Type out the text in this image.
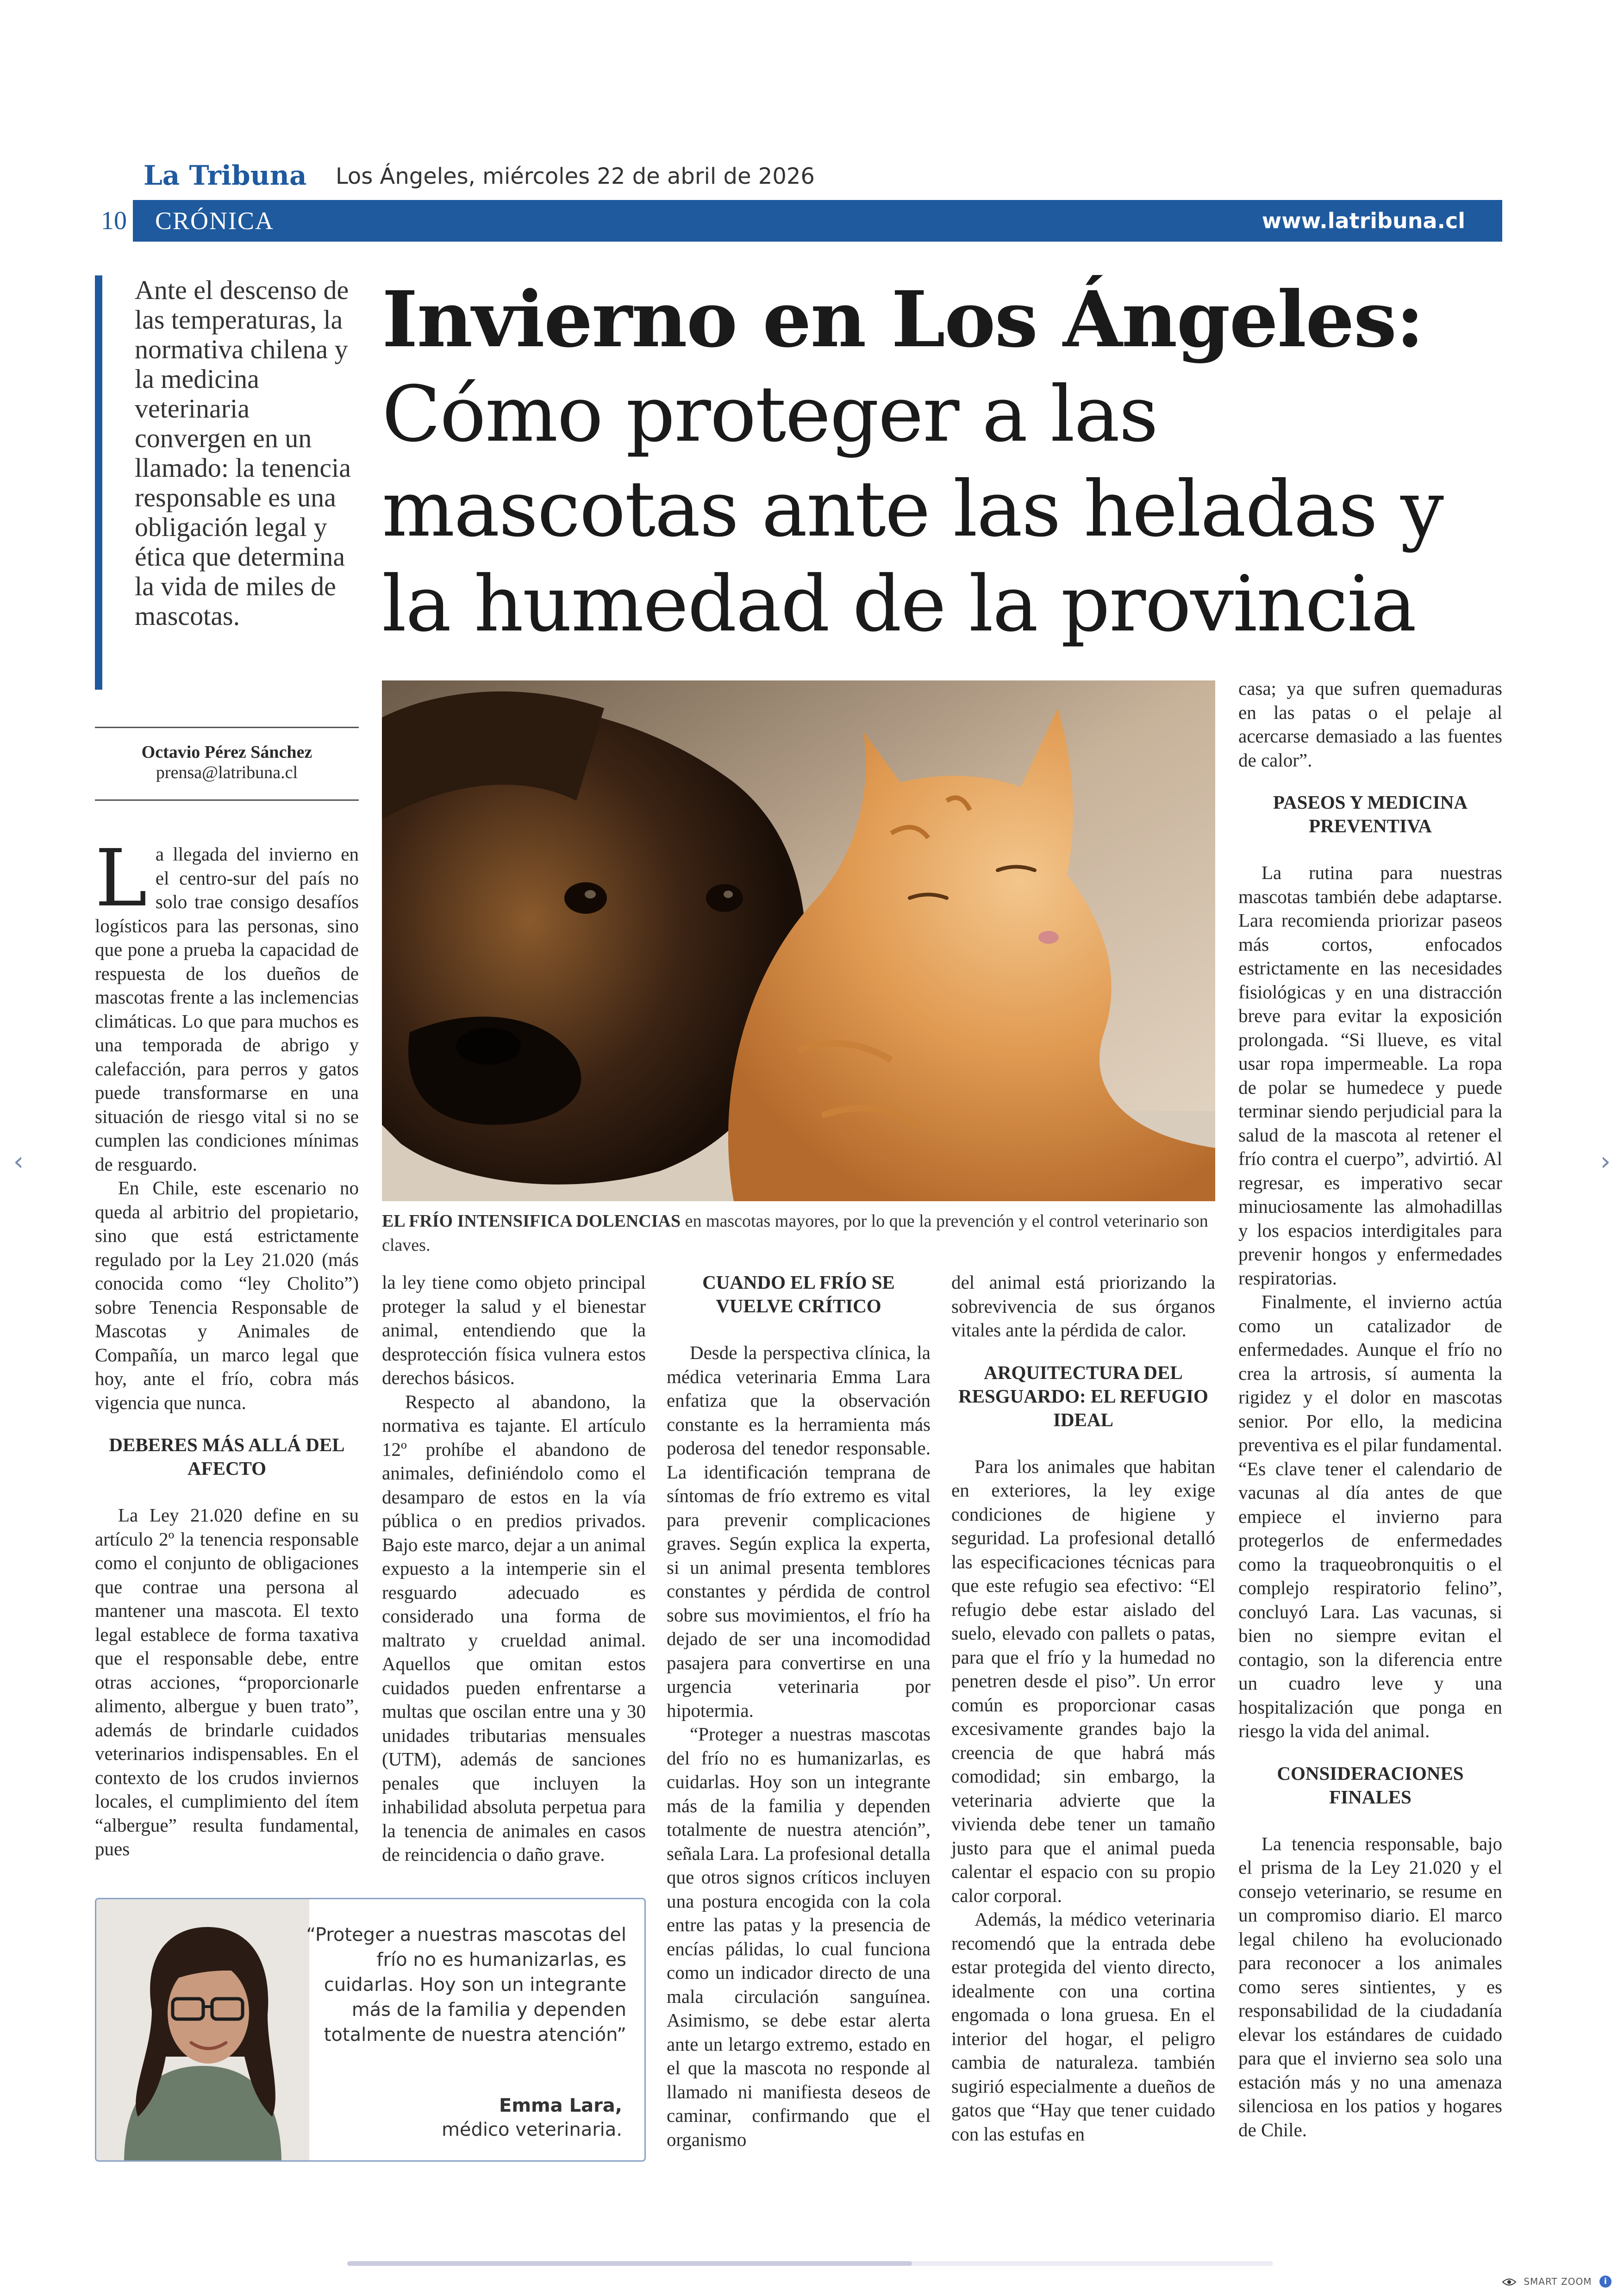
La Tribuna Los Ángeles, miércoles 22 de abril de 2026
10	CRÓNICA	www.latribuna.cl
Ante el descenso de las temperaturas, la normativa chilena y la medicina veterinaria convergen en un llamado: la tenencia responsable es una obligación legal y ética que determina la vida de miles de mascotas.
Invierno en Los Ángeles:
Cómo proteger a las mascotas ante las heladas y la humedad de la provincia
Octavio Pérez Sánchez
prensa@latribuna.cl
EL FRÍO INTENSIFICA DOLENCIAS en mascotas mayores, por lo que la prevención y el control veterinario son claves.

La llegada del invierno en el centro-sur del país no solo trae consigo desafíos logísticos para las personas, sino que pone a prueba la capacidad de respuesta de los dueños de mascotas frente a las inclemencias climáticas. Lo que para muchos es una temporada de abrigo y calefacción, para perros y gatos puede transformarse en una situación de riesgo vital si no se cumplen las condiciones mínimas de resguardo.

En Chile, este escenario no queda al arbitrio del propietario, sino que está estrictamente regulado por la Ley 21.020 (más conocida como “ley Cholito”) sobre Tenencia Responsable de Mascotas y Animales de Compañía, un marco legal que hoy, ante el frío, cobra más vigencia que nunca.

DEBERES MÁS ALLÁ DEL AFECTO

La Ley 21.020 define en su artículo 2º la tenencia responsable como el conjunto de obligaciones que contrae una persona al mantener una mascota. El texto legal establece de forma taxativa que el responsable debe, entre otras acciones, “proporcionarle alimento, albergue y buen trato”, además de brindarle cuidados veterinarios indispensables. En el contexto de los crudos inviernos locales, el cumplimiento del ítem “albergue” resulta fundamental, pues

la ley tiene como objeto principal proteger la salud y el bienestar animal, entendiendo que la desprotección física vulnera estos derechos básicos.

Respecto al abandono, la normativa es tajante. El artículo 12º prohíbe el abandono de animales, definiéndolo como el desamparo de estos en la vía pública o en predios privados. Bajo este marco, dejar a un animal expuesto a la intemperie sin el resguardo adecuado es considerado una forma de maltrato y crueldad animal. Aquellos que omitan estos cuidados pueden enfrentarse a multas que oscilan entre una y 30 unidades tributarias mensuales (UTM), además de sanciones penales que incluyen la inhabilidad absoluta perpetua para la tenencia de animales en casos de reincidencia o daño grave.

CUANDO EL FRÍO SE VUELVE CRÍTICO

Desde la perspectiva clínica, la médica veterinaria Emma Lara enfatiza que la observación constante es la herramienta más poderosa del tenedor responsable. La identificación temprana de síntomas de frío extremo es vital para prevenir complicaciones graves. Según explica la experta, si un animal presenta temblores constantes y pérdida de control sobre sus movimientos, el frío ha dejado de ser una incomodidad pasajera para convertirse en una urgencia veterinaria por hipotermia.

“Proteger a nuestras mascotas del frío no es humanizarlas, es cuidarlas. Hoy son un integrante más de la familia y dependen totalmente de nuestra atención”, señala Lara. La profesional detalla que otros signos críticos incluyen una postura encogida con la cola entre las patas y la presencia de encías pálidas, lo cual funciona como un indicador directo de una mala circulación sanguínea. Asimismo, se debe estar alerta ante un letargo extremo, estado en el que la mascota no responde al llamado ni manifiesta deseos de caminar, confirmando que el organismo

del animal está priorizando la sobrevivencia de sus órganos vitales ante la pérdida de calor.

ARQUITECTURA DEL RESGUARDO: EL REFUGIO IDEAL

Para los animales que habitan en exteriores, la ley exige condiciones de higiene y seguridad. La profesional detalló las especificaciones técnicas para que este refugio sea efectivo: “El refugio debe estar aislado del suelo, elevado con pallets o patas, para que el frío y la humedad no penetren desde el piso”. Un error común es proporcionar casas excesivamente grandes bajo la creencia de que habrá más comodidad; sin embargo, la veterinaria advierte que la vivienda debe tener un tamaño justo para que el animal pueda calentar el espacio con su propio calor corporal.

Además, la médico veterinaria recomendó que la entrada debe estar protegida del viento directo, idealmente con una cortina engomada o lona gruesa. En el interior del hogar, el peligro cambia de naturaleza. también sugirió especialmente a dueños de gatos que “Hay que tener cuidado con las estufas en

casa; ya que sufren quemaduras en las patas o el pelaje al acercarse demasiado a las fuentes de calor”.

PASEOS Y MEDICINA PREVENTIVA

La rutina para nuestras mascotas también debe adaptarse. Lara recomienda priorizar paseos más cortos, enfocados estrictamente en las necesidades fisiológicas y en una distracción breve para evitar la exposición prolongada. “Si llueve, es vital usar ropa impermeable. La ropa de polar se humedece y puede terminar siendo perjudicial para la salud de la mascota al retener el frío contra el cuerpo”, advirtió. Al regresar, es imperativo secar minuciosamente las almohadillas y los espacios interdigitales para prevenir hongos y enfermedades respiratorias.

Finalmente, el invierno actúa como un catalizador de enfermedades. Aunque el frío no crea la artrosis, sí aumenta la rigidez y el dolor en mascotas senior. Por ello, la medicina preventiva es el pilar fundamental. “Es clave tener el calendario de vacunas al día antes de que empiece el invierno para protegerlos de enfermedades como la traqueobronquitis o el complejo respiratorio felino”, concluyó Lara. Las vacunas, si bien no siempre evitan el contagio, son la diferencia entre un cuadro leve y una hospitalización que ponga en riesgo la vida del animal.

CONSIDERACIONES FINALES

La tenencia responsable, bajo el prisma de la Ley 21.020 y el consejo veterinario, se resume en un compromiso diario. El marco legal chileno ha evolucionado para reconocer a los animales como seres sintientes, y es responsabilidad de la ciudadanía elevar los estándares de cuidado para que el invierno sea solo una estación más y no una amenaza silenciosa en los patios y hogares de Chile.

“Proteger a nuestras mascotas del frío no es humanizarlas, es cuidarlas. Hoy son un integrante más de la familia y dependen totalmente de nuestra atención”
Emma Lara,
médico veterinaria.
‹	›
SMART ZOOM i
